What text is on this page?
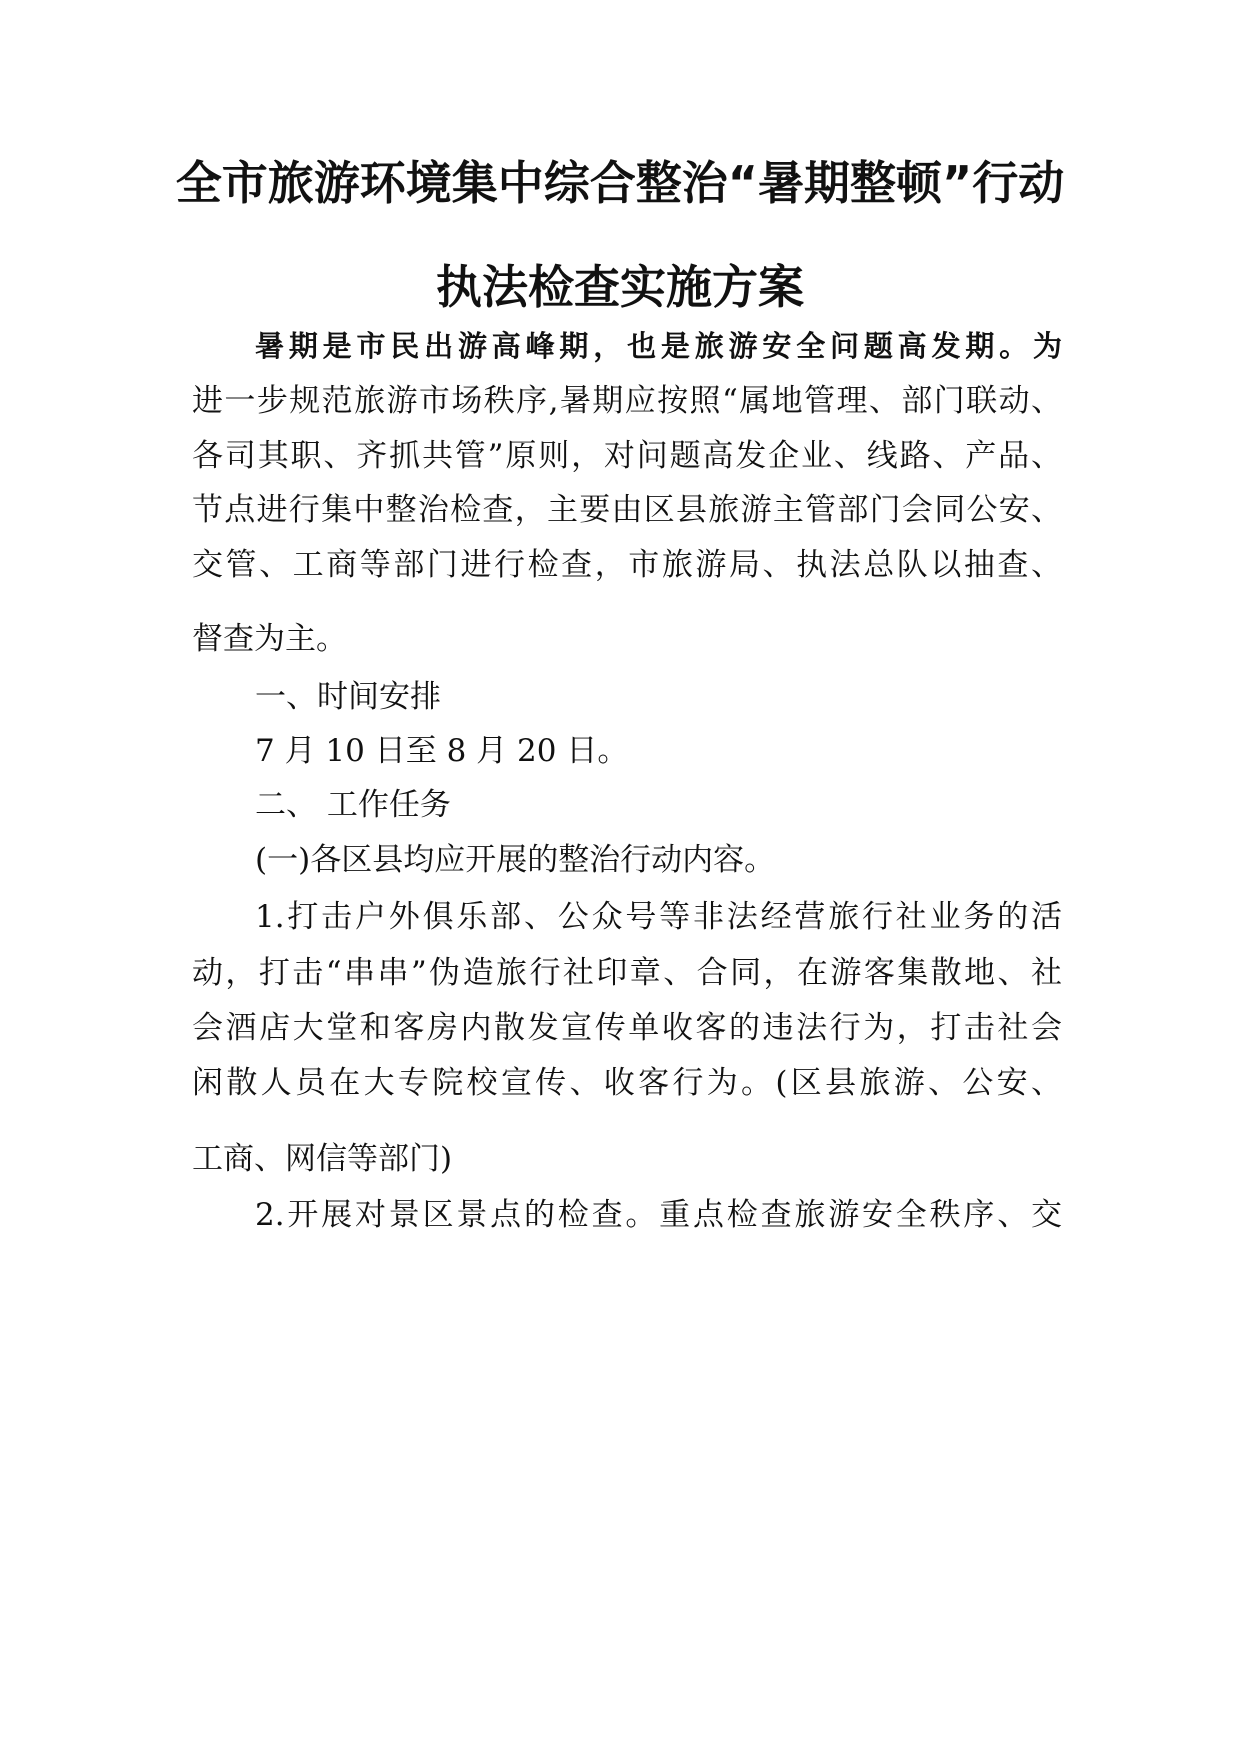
全市旅游环境集中综合整治“暑期整顿”行动
执法检查实施方案
暑期是市民出游高峰期，也是旅游安全问题高发期。为
进一步规范旅游市场秩序,暑期应按照“属地管理、部门联动、
各司其职、齐抓共管”原则，对问题高发企业、线路、产品、
节点进行集中整治检查，主要由区县旅游主管部门会同公安、
交管、工商等部门进行检查，市旅游局、执法总队以抽查、
督查为主。
一、时间安排
7 月 10 日至 8 月 20 日。
二、 工作任务
(一)各区县均应开展的整治行动内容。
1.打击户外俱乐部、公众号等非法经营旅行社业务的活
动，打击“串串”伪造旅行社印章、合同，在游客集散地、社
会酒店大堂和客房内散发宣传单收客的违法行为，打击社会
闲散人员在大专院校宣传、收客行为。(区县旅游、公安、
工商、网信等部门)
2.开展对景区景点的检查。重点检查旅游安全秩序、交
